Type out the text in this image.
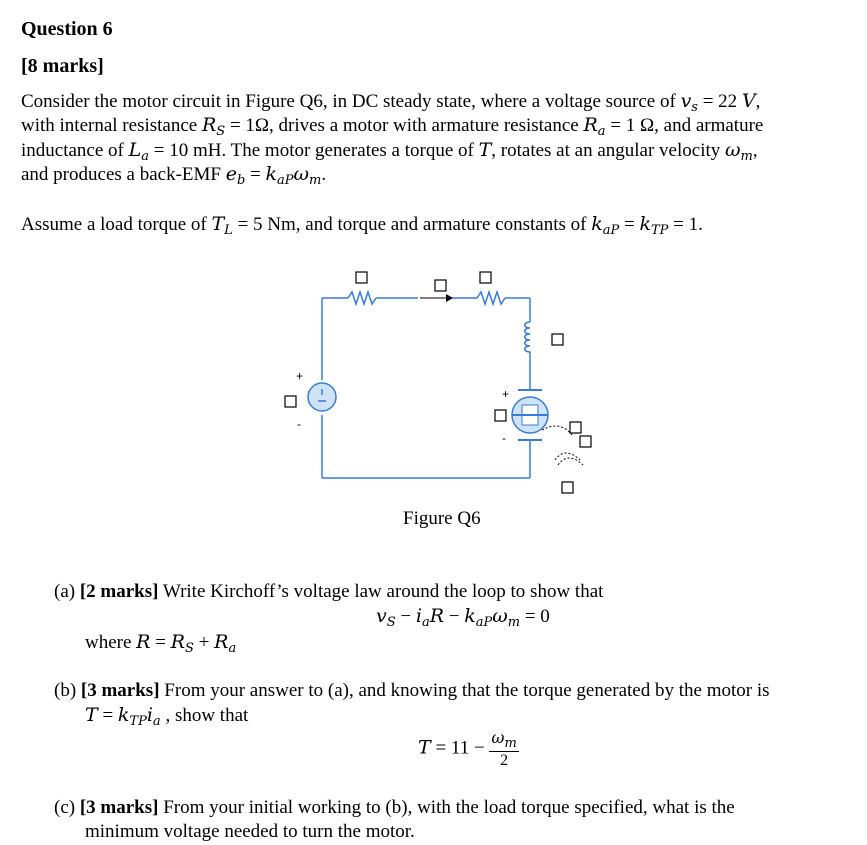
Question 6
[8 marks]
Consider the motor circuit in Figure Q6, in DC steady state, where a voltage source of $v_s = 22$ V,
with internal resistance $R_S = 1\Omega$, drives a motor with armature resistance $R_a = 1$ Ω, and armature
inductance of $L_a = 10$ mH. The motor generates a torque of T, rotates at an angular velocity $\omega_m$,
and produces a back-EMF $e_b = k_{aP}\omega_m$.
Assume a load torque of $T_L = 5$ Nm, and torque and armature constants of $k_{aP} = k_{TP} = 1$.
+
-
+
-
Figure Q6
(a) [2 marks] Write Kirchoff’s voltage law around the loop to show that
$v_S - i_aR - k_{aP}\omega_m = 0$
where $R = R_S + R_a$
(b) [3 marks] From your answer to (a), and knowing that the torque generated by the motor is
$T = k_{TP}i_a$ , show that
$T = 11 - \frac{\omega_m}{2}$
(c) [3 marks] From your initial working to (b), with the load torque specified, what is the
minimum voltage needed to turn the motor.
